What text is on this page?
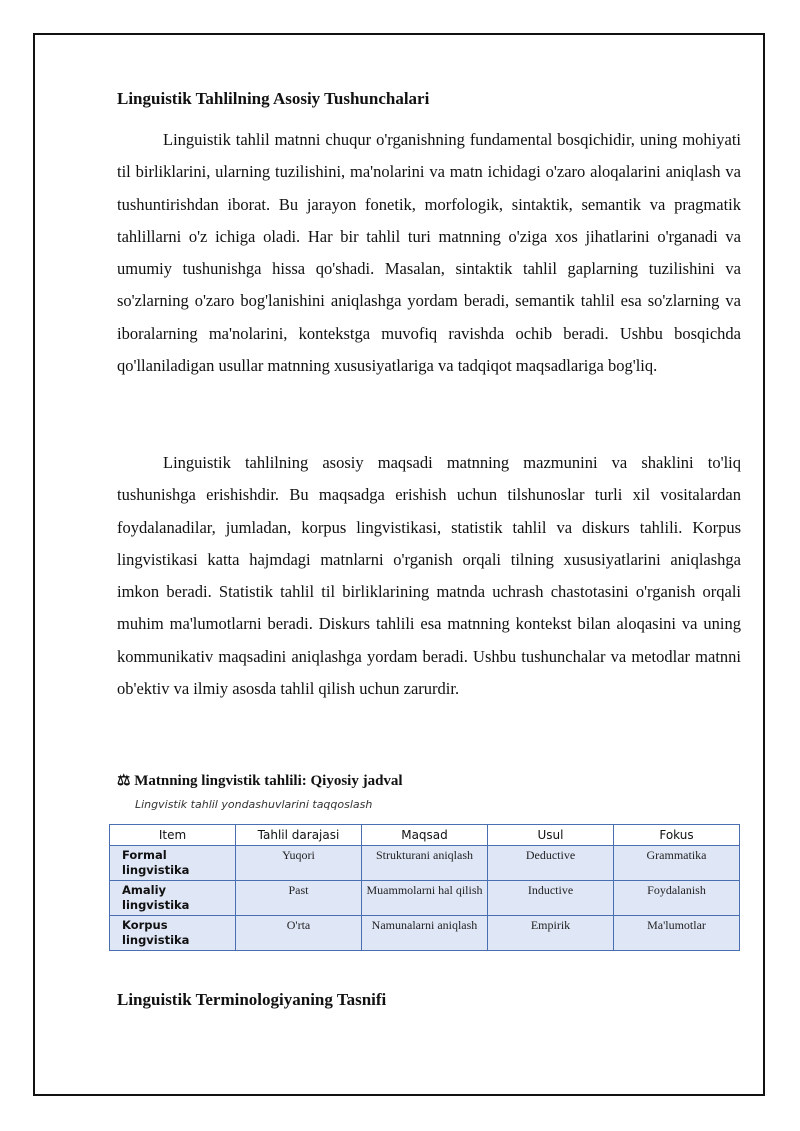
Linguistik Tahlilning Asosiy Tushunchalari

Linguistik tahlil matnni chuqur o'rganishning fundamental bosqichidir, uning mohiyati til birliklarini, ularning tuzilishini, ma'nolarini va matn ichidagi o'zaro aloqalarini aniqlash va tushuntirishdan iborat. Bu jarayon fonetik, morfologik, sintaktik, semantik va pragmatik tahlillarni o'z ichiga oladi. Har bir tahlil turi matnning o'ziga xos jihatlarini o'rganadi va umumiy tushunishga hissa qo'shadi. Masalan, sintaktik tahlil gaplarning tuzilishini va so'zlarning o'zaro bog'lanishini aniqlashga yordam beradi, semantik tahlil esa so'zlarning va iboralarning ma'nolarini, kontekstga muvofiq ravishda ochib beradi. Ushbu bosqichda qo'llaniladigan usullar matnning xususiyatlariga va tadqiqot maqsadlariga bog'liq.

Linguistik tahlilning asosiy maqsadi matnning mazmunini va shaklini to'liq tushunishga erishishdir. Bu maqsadga erishish uchun tilshunoslar turli xil vositalardan foydalanadilar, jumladan, korpus lingvistikasi, statistik tahlil va diskurs tahlili. Korpus lingvistikasi katta hajmdagi matnlarni o'rganish orqali tilning xususiyatlarini aniqlashga imkon beradi. Statistik tahlil til birliklarining matnda uchrash chastotasini o'rganish orqali muhim ma'lumotlarni beradi. Diskurs tahlili esa matnning kontekst bilan aloqasini va uning kommunikativ maqsadini aniqlashga yordam beradi. Ushbu tushunchalar va metodlar matnni ob'ektiv va ilmiy asosda tahlil qilish uchun zarurdir.

⚖ Matnning lingvistik tahlili: Qiyosiy jadval
Lingvistik tahlil yondashuvlarini taqqoslash
Item	Tahlil darajasi	Maqsad	Usul	Fokus
Formal lingvistika	Yuqori	Strukturani aniqlash	Deductive	Grammatika
Amaliy lingvistika	Past	Muammolarni hal qilish	Inductive	Foydalanish
Korpus lingvistika	O'rta	Namunalarni aniqlash	Empirik	Ma'lumotlar
Linguistik Terminologiyaning Tasnifi
